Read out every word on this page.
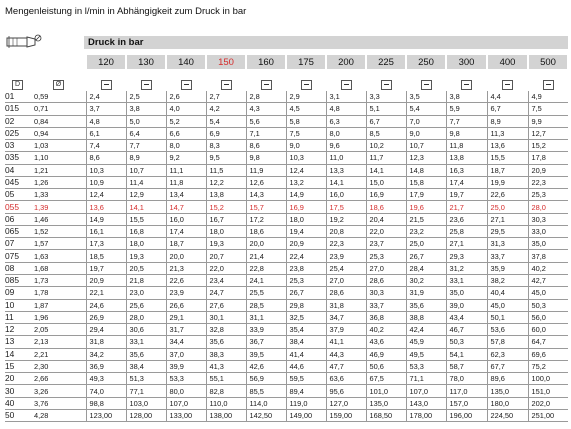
Mengenleistung in l/min in Abhängigkeit zum Druck in bar
Druck in bar
		120	130	140	150	160	175	200	225	250	300	400	500

D	Ø												
01	0,59	2,4	2,5	2,6	2,7	2,8	2,9	3,1	3,3	3,5	3,8	4,4	4,9
015	0,71	3,7	3,8	4,0	4,2	4,3	4,5	4,8	5,1	5,4	5,9	6,7	7,5
02	0,84	4,8	5,0	5,2	5,4	5,6	5,8	6,3	6,7	7,0	7,7	8,9	9,9
025	0,94	6,1	6,4	6,6	6,9	7,1	7,5	8,0	8,5	9,0	9,8	11,3	12,7
03	1,03	7,4	7,7	8,0	8,3	8,6	9,0	9,6	10,2	10,7	11,8	13,6	15,2
035	1,10	8,6	8,9	9,2	9,5	9,8	10,3	11,0	11,7	12,3	13,8	15,5	17,8
04	1,21	10,3	10,7	11,1	11,5	11,9	12,4	13,3	14,1	14,8	16,3	18,7	20,9
045	1,26	10,9	11,4	11,8	12,2	12,6	13,2	14,1	15,0	15,8	17,4	19,9	22,3
05	1,33	12,4	12,9	13,4	13,8	14,3	14,9	16,0	16,9	17,9	19,7	22,6	25,3
055	1,39	13,6	14,1	14,7	15,2	15,7	16,9	17,5	18,6	19,6	21,7	25,0	28,0
06	1,46	14,9	15,5	16,0	16,7	17,2	18,0	19,2	20,4	21,5	23,6	27,1	30,3
065	1,52	16,1	16,8	17,4	18,0	18,6	19,4	20,8	22,0	23,2	25,8	29,5	33,0
07	1,57	17,3	18,0	18,7	19,3	20,0	20,9	22,3	23,7	25,0	27,1	31,3	35,0
075	1,63	18,5	19,3	20,0	20,7	21,4	22,4	23,9	25,3	26,7	29,3	33,7	37,8
08	1,68	19,7	20,5	21,3	22,0	22,8	23,8	25,4	27,0	28,4	31,2	35,9	40,2
085	1,73	20,9	21,8	22,6	23,4	24,1	25,3	27,0	28,6	30,2	33,1	38,2	42,7
09	1,78	22,1	23,0	23,9	24,7	25,5	26,7	28,6	30,3	31,9	35,0	40,4	45,0
10	1,87	24,6	25,6	26,6	27,6	28,5	29,8	31,8	33,7	35,6	39,0	45,0	50,3
11	1,96	26,9	28,0	29,1	30,1	31,1	32,5	34,7	36,8	38,8	43,4	50,1	56,0
12	2,05	29,4	30,6	31,7	32,8	33,9	35,4	37,9	40,2	42,4	46,7	53,6	60,0
13	2,13	31,8	33,1	34,4	35,6	36,7	38,4	41,1	43,6	45,9	50,3	57,8	64,7
14	2,21	34,2	35,6	37,0	38,3	39,5	41,4	44,3	46,9	49,5	54,1	62,3	69,6
15	2,30	36,9	38,4	39,9	41,3	42,6	44,6	47,7	50,6	53,3	58,7	67,7	75,2
20	2,66	49,3	51,3	53,3	55,1	56,9	59,5	63,6	67,5	71,1	78,0	89,6	100,0
30	3,26	74,0	77,1	80,0	82,8	85,5	89,4	95,6	101,0	107,0	117,0	135,0	151,0
40	3,76	98,8	103,0	107,0	110,0	114,0	119,0	127,0	135,0	143,0	157,0	180,0	202,0
50	4,28	123,00	128,00	133,00	138,00	142,50	149,00	159,00	168,50	178,00	196,00	224,50	251,00
